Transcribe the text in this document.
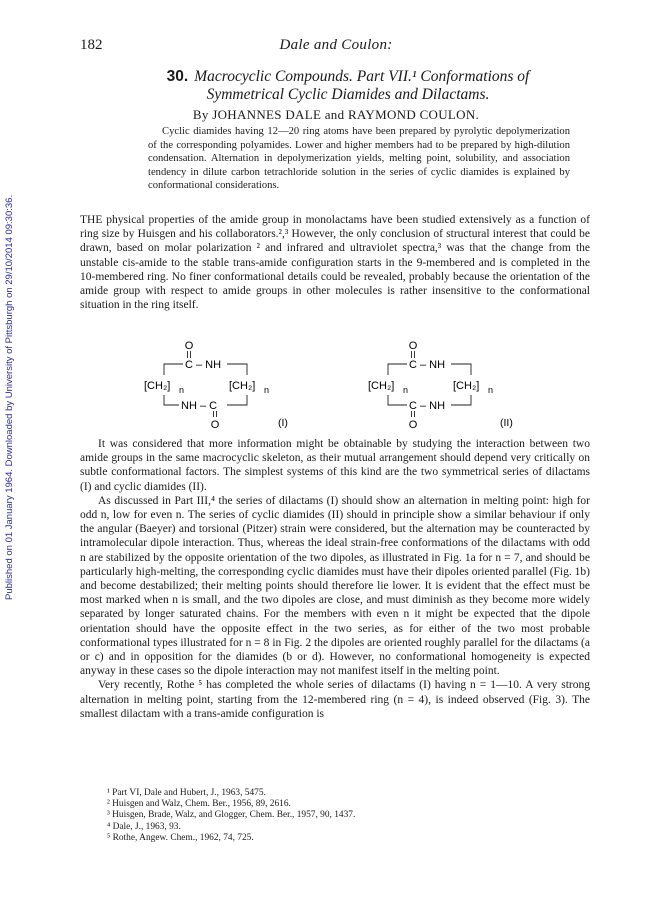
182	Dale and Coulon:
Published on 01 January 1964. Downloaded by University of Pittsburgh on 29/10/2014 09:30:36.
30. Macrocyclic Compounds. Part VII.¹ Conformations of
Symmetrical Cyclic Diamides and Dilactams.
By JOHANNES DALE and RAYMOND COULON.
Cyclic diamides having 12—20 ring atoms have been prepared by pyrolytic depolymerization of the corresponding polyamides. Lower and higher members had to be prepared by high-dilution condensation. Alternation in depolymerization yields, melting point, solubility, and association tendency in dilute carbon tetrachloride solution in the series of cyclic diamides is explained by conformational considerations.

THE physical properties of the amide group in monolactams have been studied extensively as a function of ring size by Huisgen and his collaborators.²,³ However, the only conclusion of structural interest that could be drawn, based on molar polarization ² and infrared and ultraviolet spectra,³ was that the change from the unstable cis-amide to the stable trans-amide configuration starts in the 9-membered and is completed in the 10-membered ring. No finer conformational details could be revealed, probably because the orientation of the amide group with respect to amide groups in other molecules is rather insensitive to the conformational situation in the ring itself.

O
C – NH
[CH₂] n	[CH₂] n
NH – C
O	(I)
O
C – NH
[CH₂] n	[CH₂] n
C – NH
O	(II)

It was considered that more information might be obtainable by studying the interaction between two amide groups in the same macrocyclic skeleton, as their mutual arrangement should depend very critically on subtle conformational factors. The simplest systems of this kind are the two symmetrical series of dilactams (I) and cyclic diamides (II).

As discussed in Part III,⁴ the series of dilactams (I) should show an alternation in melting point: high for odd n, low for even n. The series of cyclic diamides (II) should in principle show a similar behaviour if only the angular (Baeyer) and torsional (Pitzer) strain were considered, but the alternation may be counteracted by intramolecular dipole interaction. Thus, whereas the ideal strain-free conformations of the dilactams with odd n are stabilized by the opposite orientation of the two dipoles, as illustrated in Fig. 1a for n = 7, and should be particularly high-melting, the corresponding cyclic diamides must have their dipoles oriented parallel (Fig. 1b) and become destabilized; their melting points should therefore lie lower. It is evident that the effect must be most marked when n is small, and the two dipoles are close, and must diminish as they become more widely separated by longer saturated chains. For the members with even n it might be expected that the dipole orientation should have the opposite effect in the two series, as for either of the two most probable conformational types illustrated for n = 8 in Fig. 2 the dipoles are oriented roughly parallel for the dilactams (a or c) and in opposition for the diamides (b or d). However, no conformational homogeneity is expected anyway in these cases so the dipole interaction may not manifest itself in the melting point.

Very recently, Rothe ⁵ has completed the whole series of dilactams (I) having n = 1—10. A very strong alternation in melting point, starting from the 12-membered ring (n = 4), is indeed observed (Fig. 3). The smallest dilactam with a trans-amide configuration is

¹ Part VI, Dale and Hubert, J., 1963, 5475.

² Huisgen and Walz, Chem. Ber., 1956, 89, 2616.

³ Huisgen, Brade, Walz, and Glogger, Chem. Ber., 1957, 90, 1437.

⁴ Dale, J., 1963, 93.

⁵ Rothe, Angew. Chem., 1962, 74, 725.
